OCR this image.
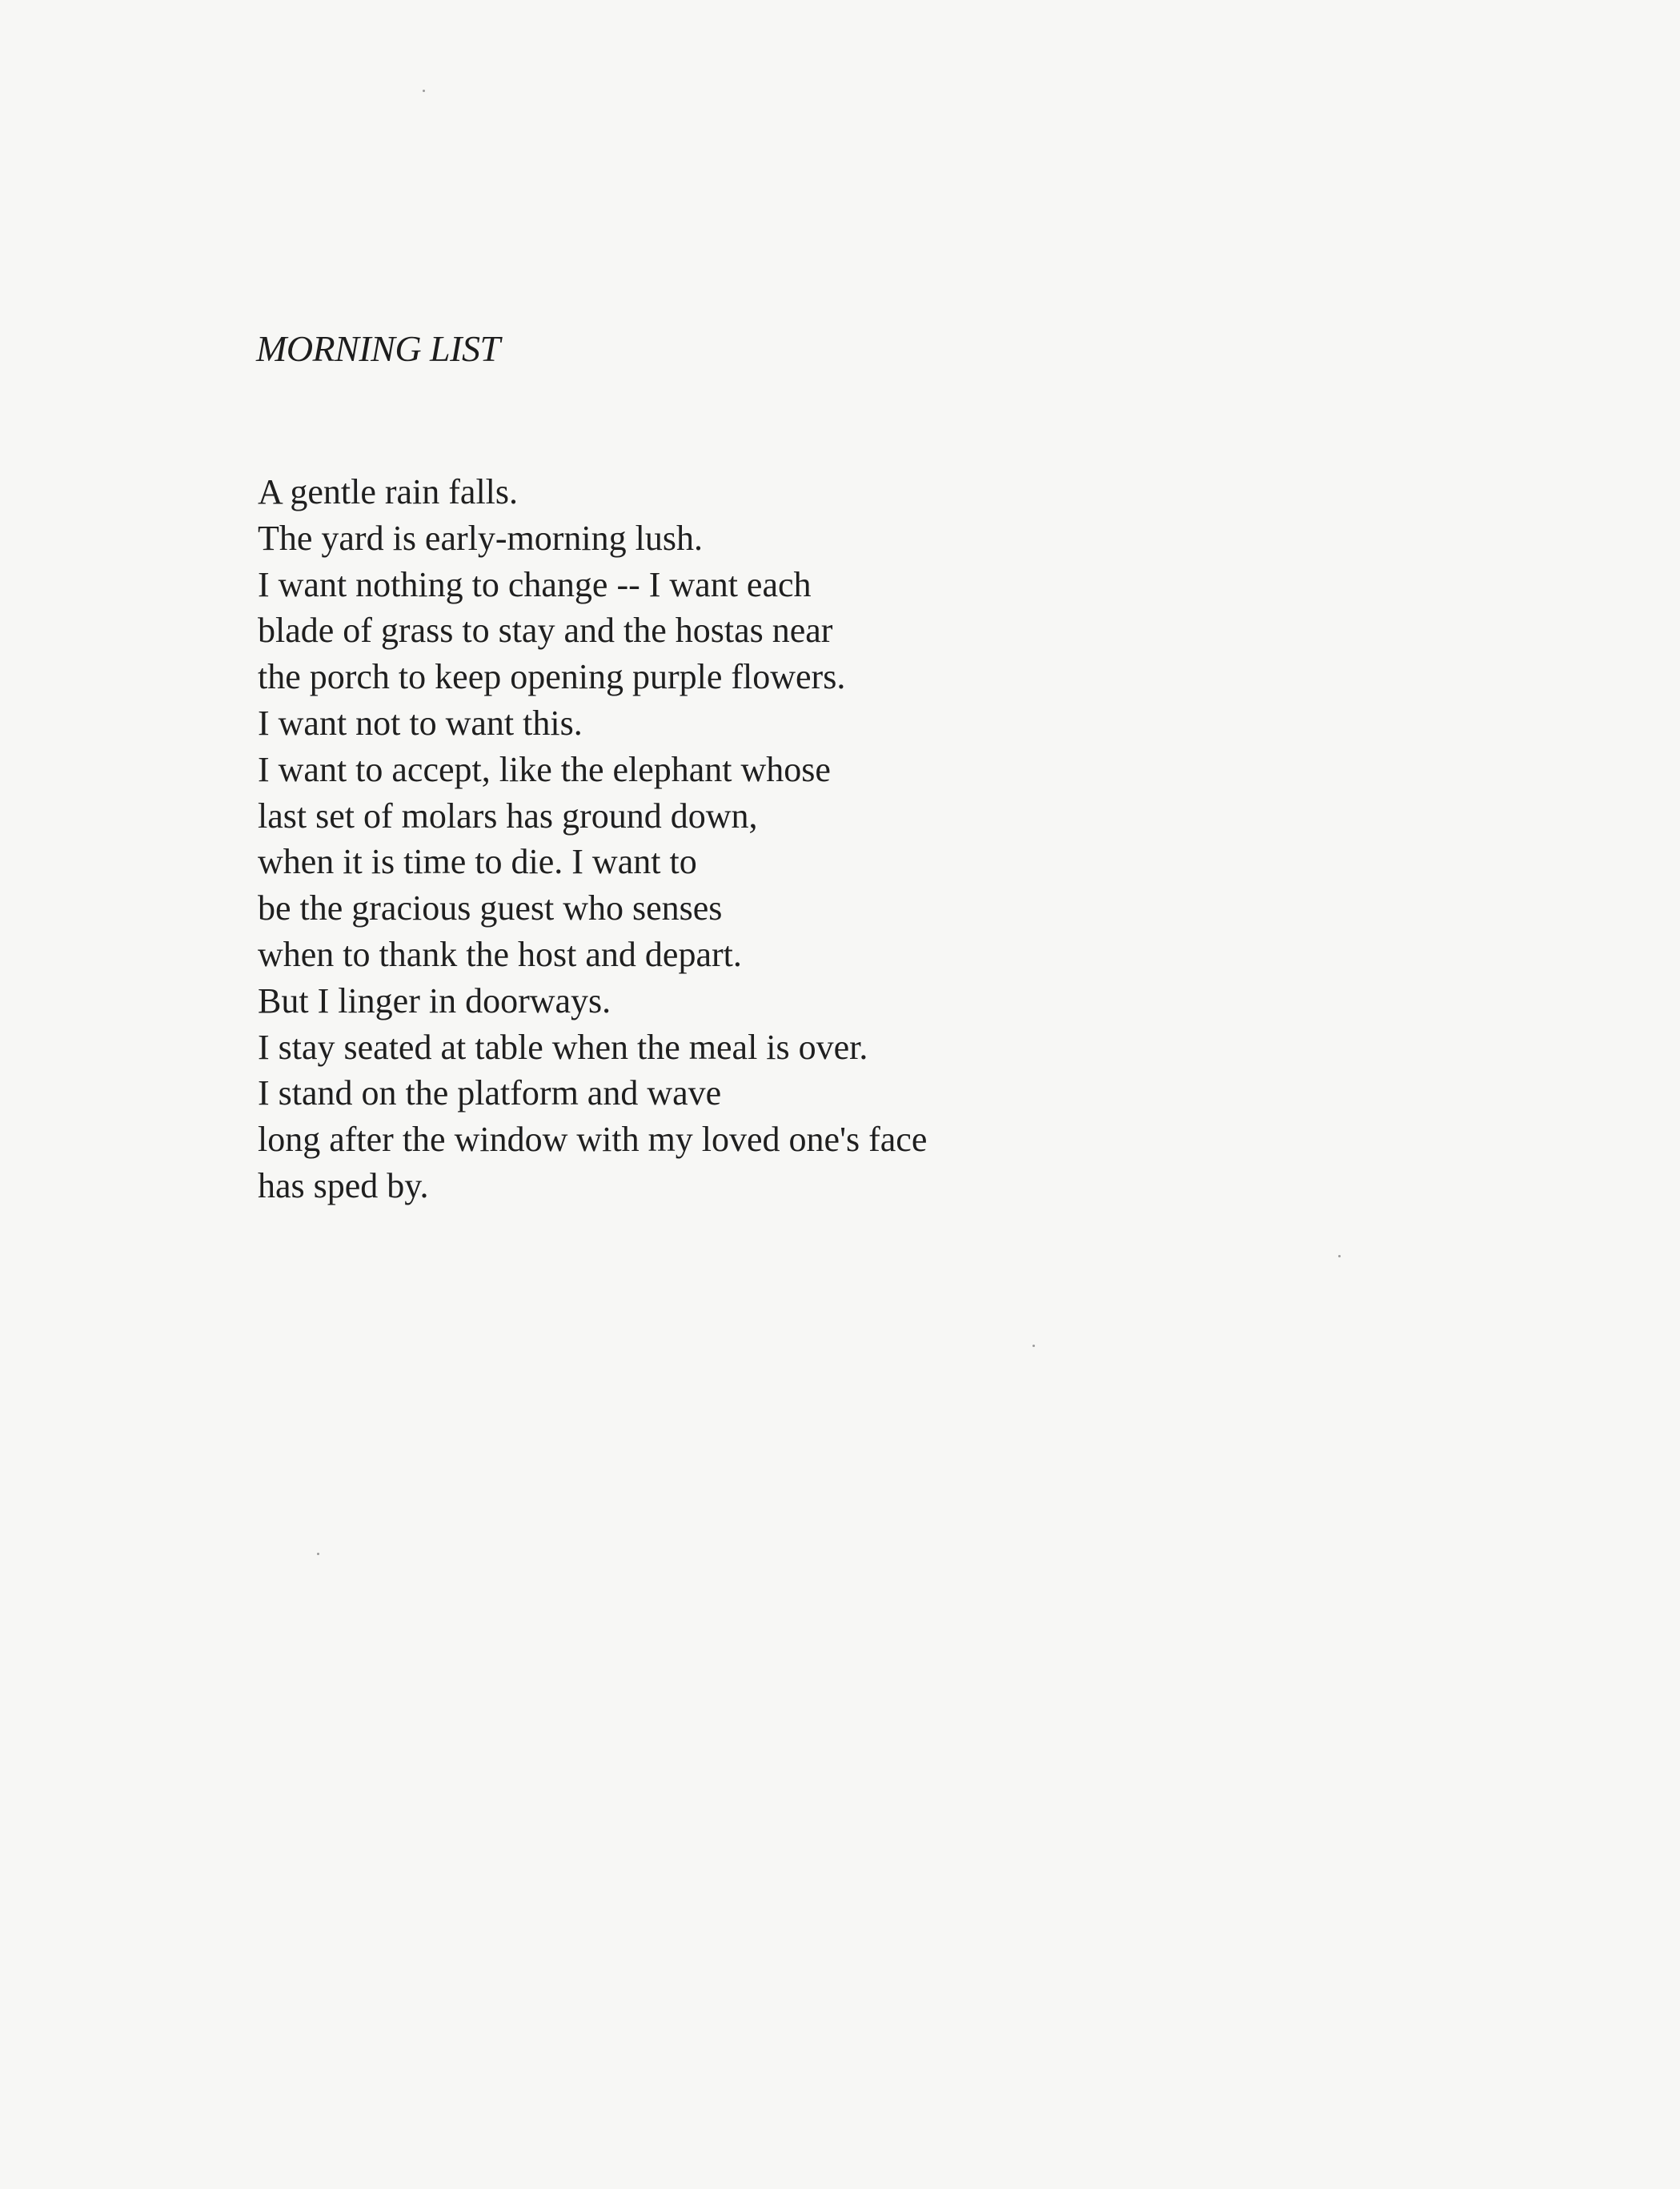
MORNING LIST
A gentle rain falls.
The yard is early-morning lush.
I want nothing to change -- I want each
blade of grass to stay and the hostas near
the porch to keep opening purple flowers.
I want not to want this.
I want to accept, like the elephant whose
last set of molars has ground down,
when it is time to die. I want to
be the gracious guest who senses
when to thank the host and depart.
But I linger in doorways.
I stay seated at table when the meal is over.
I stand on the platform and wave
long after the window with my loved one's face
has sped by.
